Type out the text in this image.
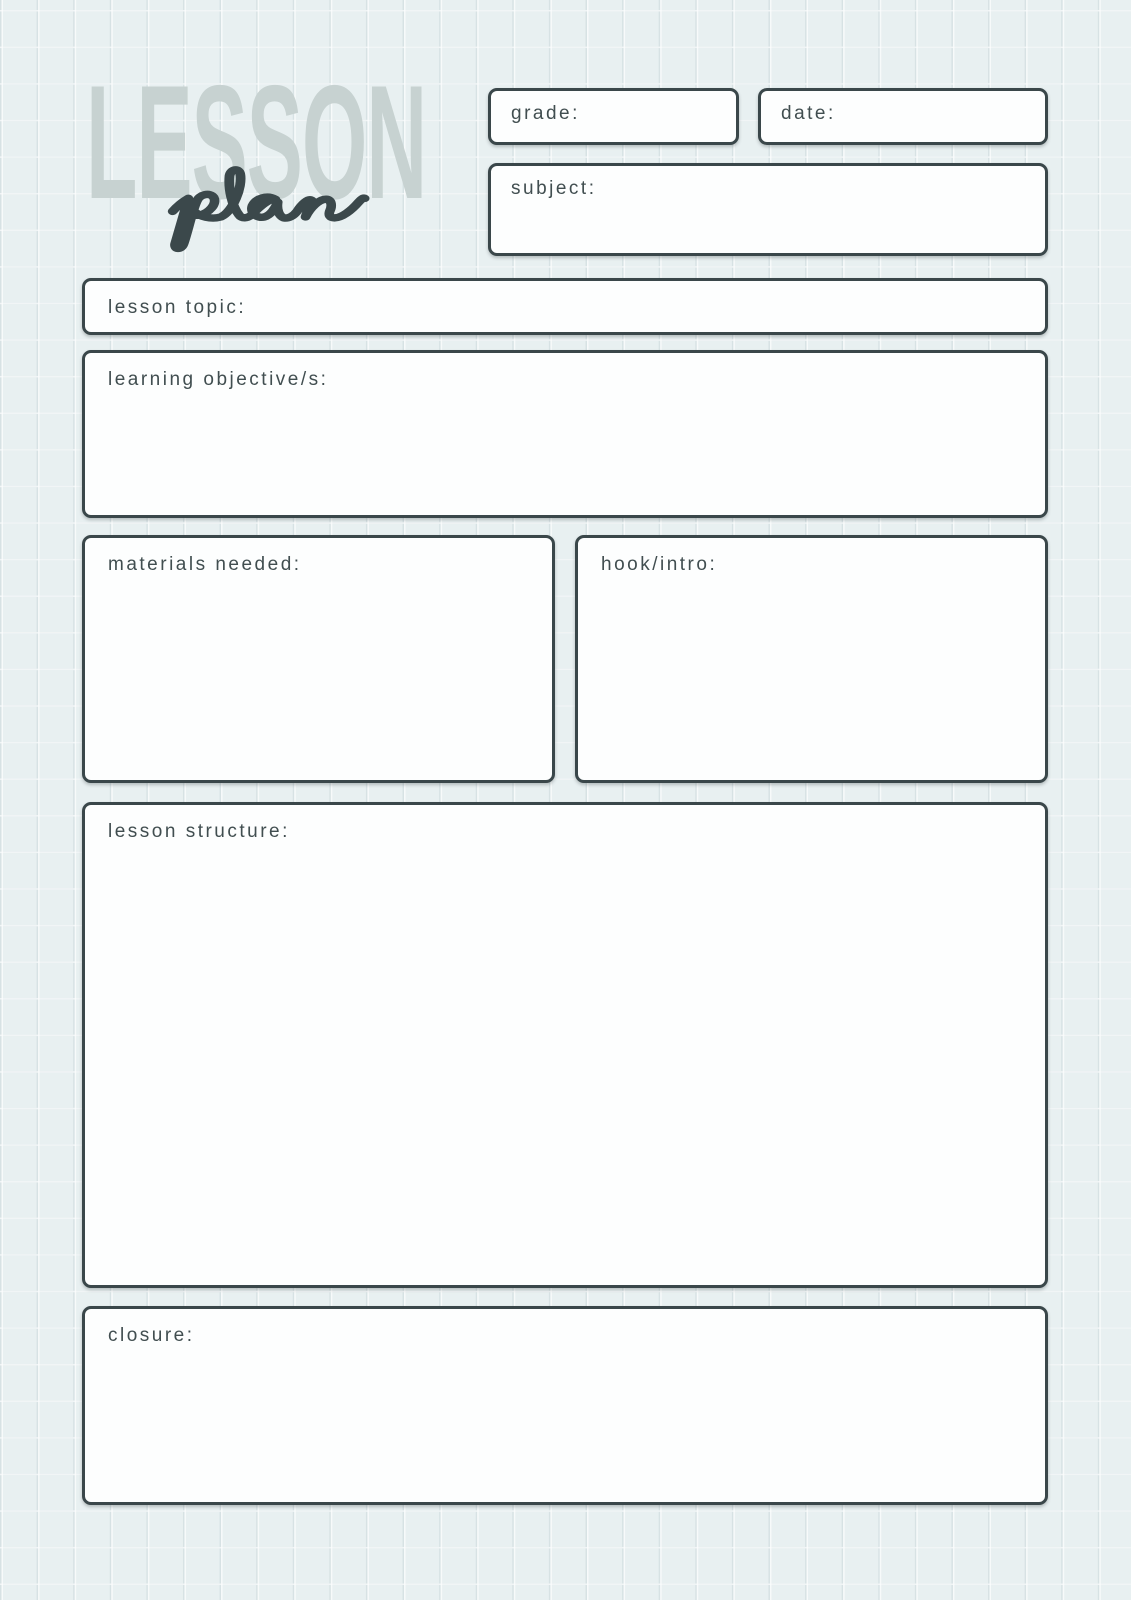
LESSON	grade:	date:
subject:
lesson topic:
learning objective/s:
materials needed:	hook/intro:
lesson structure:
closure:
